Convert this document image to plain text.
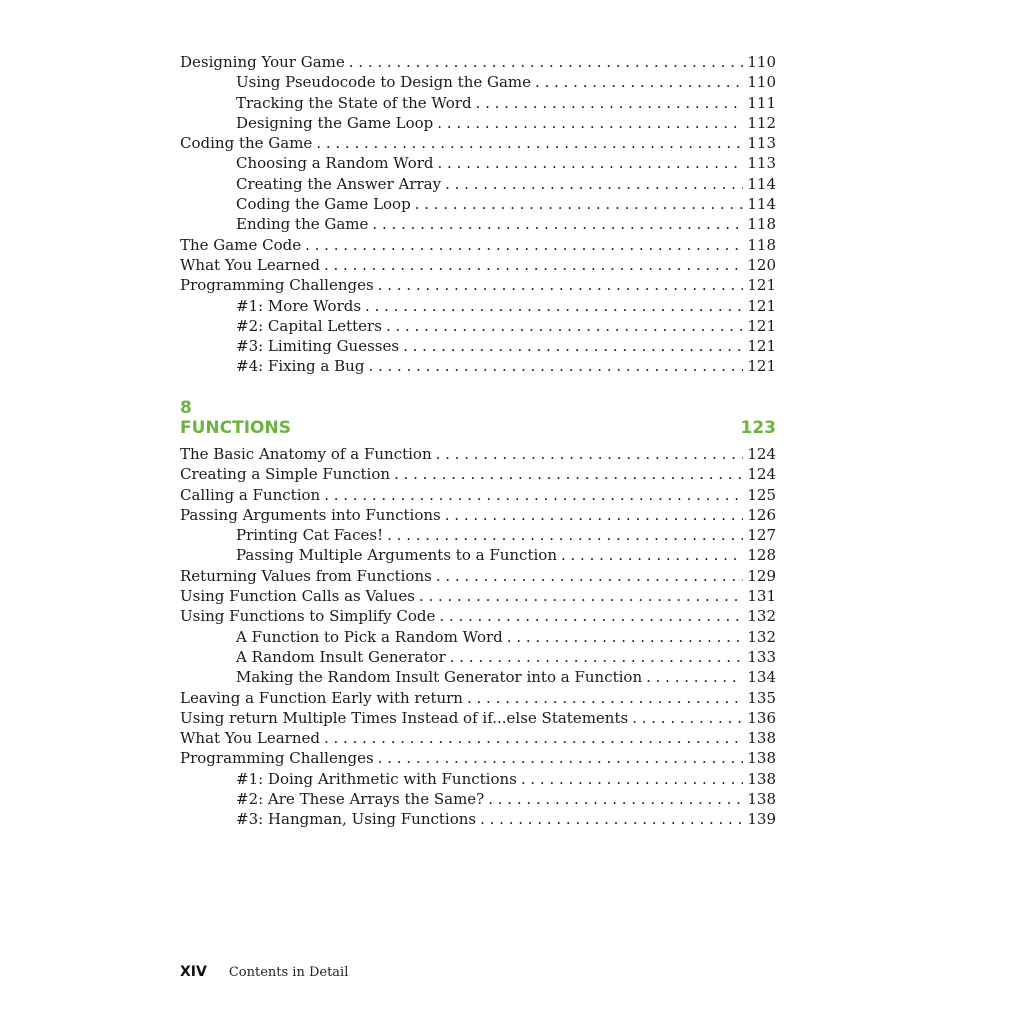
Designing Your Game . . .	110
Using Pseudocode to Design the Game . . .	110
Tracking the State of the Word . . .	111
Designing the Game Loop . . .	112
Coding the Game . . .	113
Choosing a Random Word . . .	113
Creating the Answer Array . . .	114
Coding the Game Loop . . .	114
Ending the Game . . .	118
The Game Code . . .	118
What You Learned . . .	120
Programming Challenges . . .	121
#1: More Words . . .	121
#2: Capital Letters . . .	121
#3: Limiting Guesses . . .	121
#4: Fixing a Bug . . .	121
8
FUNCTIONS	123
The Basic Anatomy of a Function . . .	124
Creating a Simple Function . . .	124
Calling a Function . . .	125
Passing Arguments into Functions . . .	126
Printing Cat Faces! . . .	127
Passing Multiple Arguments to a Function . . .	128
Returning Values from Functions . . .	129
Using Function Calls as Values . . .	131
Using Functions to Simplify Code . . .	132
A Function to Pick a Random Word . . .	132
A Random Insult Generator . . .	133
Making the Random Insult Generator into a Function . . .	134
Leaving a Function Early with return . . .	135
Using return Multiple Times Instead of if...else Statements . . .	136
What You Learned . . .	138
Programming Challenges . . .	138
#1: Doing Arithmetic with Functions . . .	138
#2: Are These Arrays the Same? . . .	138
#3: Hangman, Using Functions . . .	139
XIV Contents in Detail
